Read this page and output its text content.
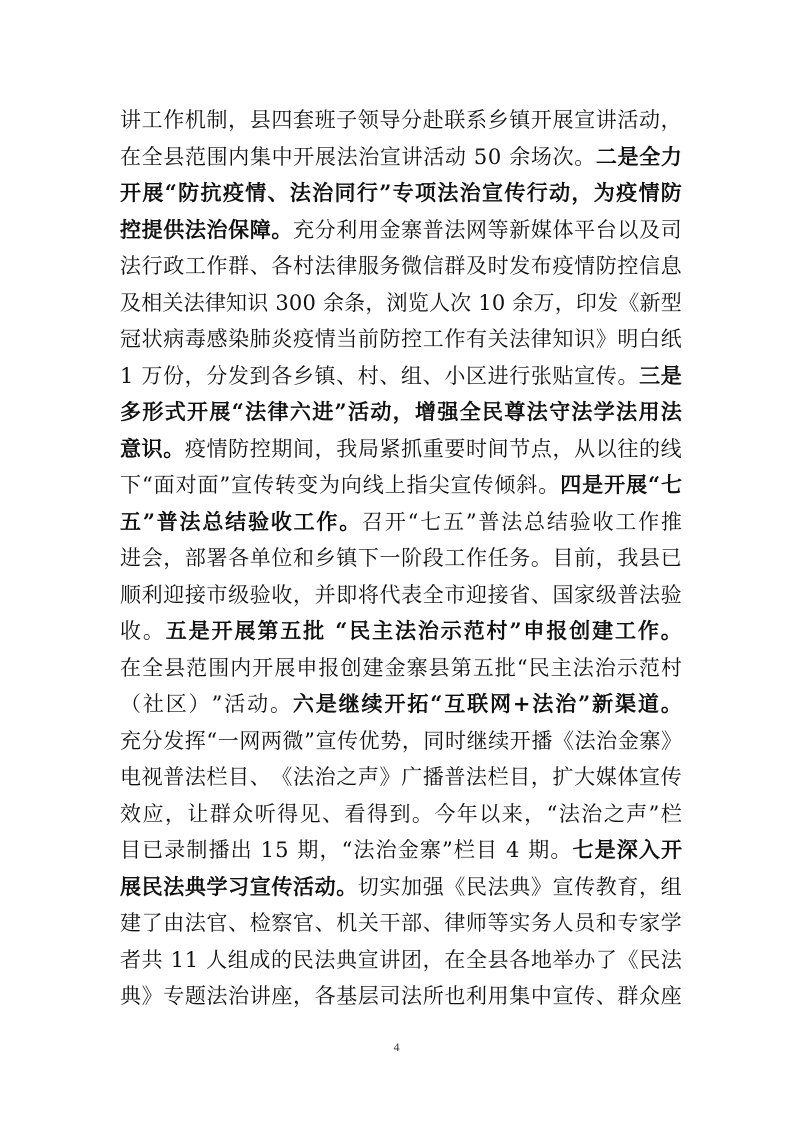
讲 工 作 机 制 ， 县 四 套 班 子 领 导 分 赴 联 系 乡 镇 开 展 宣 讲 活 动 ，
在 全 县 范 围 内 集 中 开 展 法 治 宣 讲 活 动
5 0
余 场 次 。 二 是 全 力
开 展 “ 防 抗 疫 情 、 法 治 同 行 ” 专 项 法 治 宣 传 行 动 ， 为 疫 情 防
控 提 供 法 治 保 障 。 充 分 利 用 金 寨 普 法 网 等 新 媒 体 平 台 以 及 司
法 行 政 工 作 群 、 各 村 法 律 服 务 微 信 群 及 时 发 布 疫 情 防 控 信 息
及 相 关 法 律 知 识
3 0 0
余 条 ， 浏 览 人 次
1 0
余 万 ， 印 发 《 新 型
冠 状 病 毒 感 染 肺 炎 疫 情 当 前 防 控 工 作 有 关 法 律 知 识 》 明 白 纸
1
万 份 ， 分 发 到 各 乡 镇 、 村 、 组 、 小 区 进 行 张 贴 宣 传 。 三 是
多 形 式 开 展 “ 法 律 六 进 ” 活 动 ， 增 强 全 民 尊 法 守 法 学 法 用 法
意 识 。 疫 情 防 控 期 间 ， 我 局 紧 抓 重 要 时 间 节 点 ， 从 以 往 的 线
下 “ 面 对 面 ” 宣 传 转 变 为 向 线 上 指 尖 宣 传 倾 斜 。 四 是 开 展 “ 七
五 ” 普 法 总 结 验 收 工 作 。 召 开 “ 七 五 ” 普 法 总 结 验 收 工 作 推
进 会 ， 部 署 各 单 位 和 乡 镇 下 一 阶 段 工 作 任 务 。 目 前 ， 我 县 已
顺 利 迎 接 市 级 验 收 ， 并 即 将 代 表 全 市 迎 接 省 、 国 家 级 普 法 验
收 。 五 是 开 展 第 五 批
“ 民 主 法 治 示 范 村 ” 申 报 创 建 工 作 。
在 全 县 范 围 内 开 展 申 报 创 建 金 寨 县 第 五 批 “ 民 主 法 治 示 范 村
（ 社 区 ） ” 活 动 。 六 是 继 续 开 拓 “ 互 联 网 + 法 治 ” 新 渠 道 。
充 分 发 挥 “ 一 网 两 微 ” 宣 传 优 势 ， 同 时 继 续 开 播 《 法 治 金 寨 》
电 视 普 法 栏 目 、 《 法 治 之 声 》 广 播 普 法 栏 目 ， 扩 大 媒 体 宣 传
效 应 ， 让 群 众 听 得 见 、 看 得 到 。 今 年 以 来 ， “ 法 治 之 声 ” 栏
目 已 录 制 播 出
1 5
期 ， “ 法 治 金 寨 ” 栏 目
4
期 。 七 是 深 入 开
展 民 法 典 学 习 宣 传 活 动 。 切 实 加 强 《 民 法 典 》 宣 传 教 育 ， 组
建 了 由 法 官 、 检 察 官 、 机 关 干 部 、 律 师 等 实 务 人 员 和 专 家 学
者 共
1 1
人 组 成 的 民 法 典 宣 讲 团 ， 在 全 县 各 地 举 办 了 《 民 法
典 》 专 题 法 治 讲 座 ， 各 基 层 司 法 所 也 利 用 集 中 宣 传 、 群 众 座
4
